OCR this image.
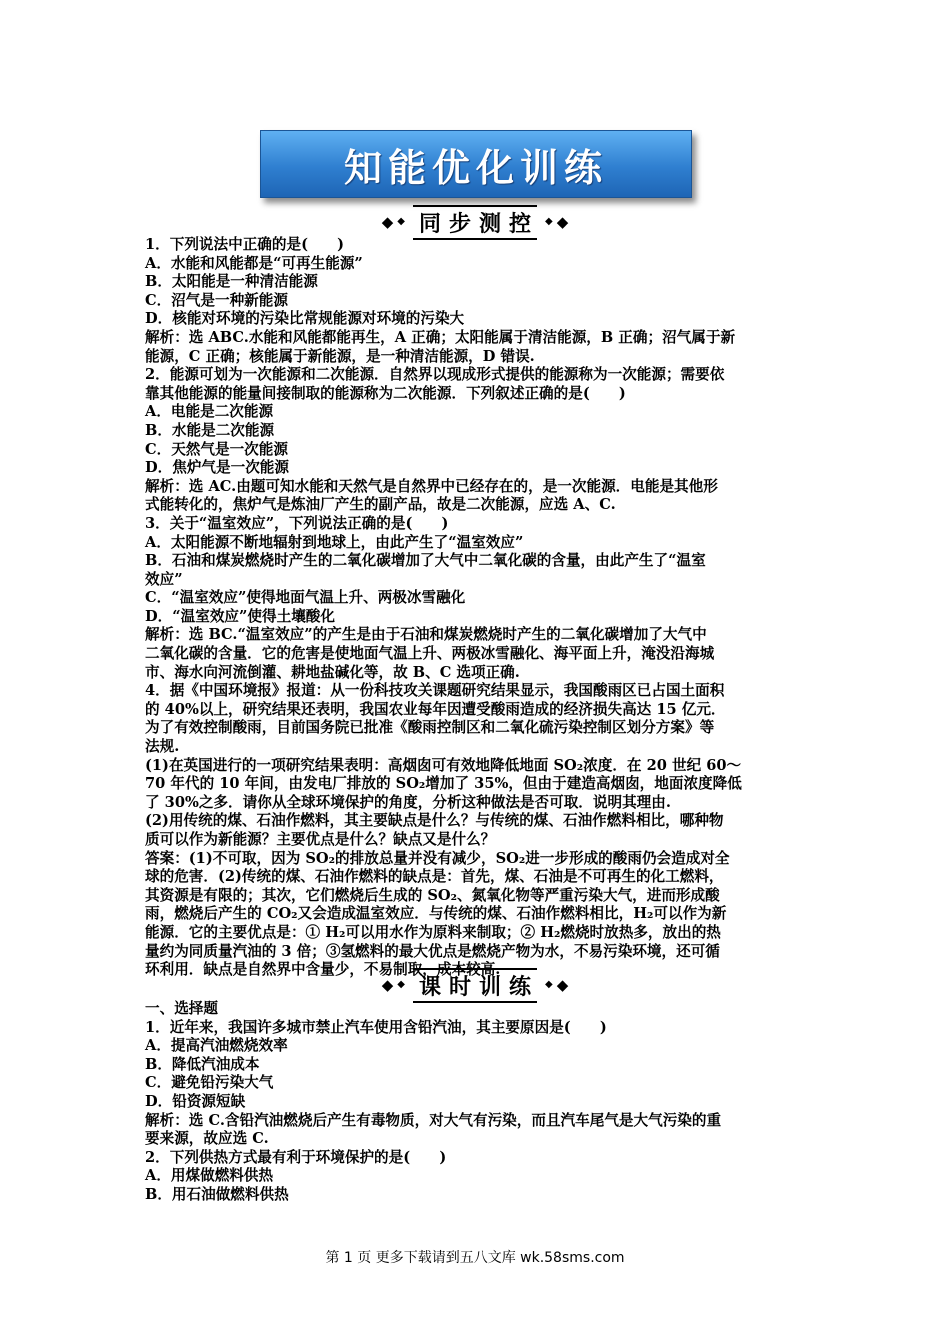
知能优化训练
◆ ◆ 同 步 测 控	◆ ◆
1．下列说法中正确的是(　　)
A．水能和风能都是“可再生能源”
B．太阳能是一种清洁能源
C．沼气是一种新能源
D．核能对环境的污染比常规能源对环境的污染大
解析：选 ABC.水能和风能都能再生，A 正确；太阳能属于清洁能源，B 正确；沼气属于新
能源，C 正确；核能属于新能源，是一种清洁能源，D 错误.
2．能源可划为一次能源和二次能源．自然界以现成形式提供的能源称为一次能源；需要依
靠其他能源的能量间接制取的能源称为二次能源．下列叙述正确的是(　　)
A．电能是二次能源
B．水能是二次能源
C．天然气是一次能源
D．焦炉气是一次能源
解析：选 AC.由题可知水能和天然气是自然界中已经存在的，是一次能源．电能是其他形
式能转化的，焦炉气是炼油厂产生的副产品，故是二次能源，应选 A、C.
3．关于“温室效应”，下列说法正确的是(　　)
A．太阳能源不断地辐射到地球上，由此产生了“温室效应”
B．石油和煤炭燃烧时产生的二氧化碳增加了大气中二氧化碳的含量，由此产生了“温室
效应”
C．“温室效应”使得地面气温上升、两极冰雪融化
D．“温室效应”使得土壤酸化
解析：选 BC.“温室效应”的产生是由于石油和煤炭燃烧时产生的二氧化碳增加了大气中
二氧化碳的含量．它的危害是使地面气温上升、两极冰雪融化、海平面上升，淹没沿海城
市、海水向河流倒灌、耕地盐碱化等，故 B、C 选项正确.
4．据《中国环境报》报道：从一份科技攻关课题研究结果显示，我国酸雨区已占国土面积
的 40%以上，研究结果还表明，我国农业每年因遭受酸雨造成的经济损失高达 15 亿元．
为了有效控制酸雨，目前国务院已批准《酸雨控制区和二氧化硫污染控制区划分方案》等
法规.
(1)在英国进行的一项研究结果表明：高烟囱可有效地降低地面 SO₂浓度．在 20 世纪 60～
70 年代的 10 年间，由发电厂排放的 SO₂增加了 35%，但由于建造高烟囱，地面浓度降低
了 30%之多．请你从全球环境保护的角度，分析这种做法是否可取．说明其理由.
(2)用传统的煤、石油作燃料，其主要缺点是什么？与传统的煤、石油作燃料相比，哪种物
质可以作为新能源？主要优点是什么？缺点又是什么？
答案：(1)不可取，因为 SO₂的排放总量并没有减少，SO₂进一步形成的酸雨仍会造成对全
球的危害．(2)传统的煤、石油作燃料的缺点是：首先，煤、石油是不可再生的化工燃料，
其资源是有限的；其次，它们燃烧后生成的 SO₂、氮氧化物等严重污染大气，进而形成酸
雨，燃烧后产生的 CO₂又会造成温室效应．与传统的煤、石油作燃料相比，H₂可以作为新
能源．它的主要优点是：① H₂可以用水作为原料来制取；② H₂燃烧时放热多，放出的热
量约为同质量汽油的 3 倍；③氢燃料的最大优点是燃烧产物为水，不易污染环境，还可循
环利用．缺点是自然界中含量少，不易制取，成本较高.
◆ ◆ 课 时 训 练	◆ ◆
一、选择题
1．近年来，我国许多城市禁止汽车使用含铅汽油，其主要原因是(　　)
A．提高汽油燃烧效率
B．降低汽油成本
C．避免铅污染大气
D．铅资源短缺
解析：选 C.含铅汽油燃烧后产生有毒物质，对大气有污染，而且汽车尾气是大气污染的重
要来源，故应选 C.
2．下列供热方式最有利于环境保护的是(　　)
A．用煤做燃料供热
B．用石油做燃料供热
第 1 页 更多下载请到五八文库 wk.58sms.com
